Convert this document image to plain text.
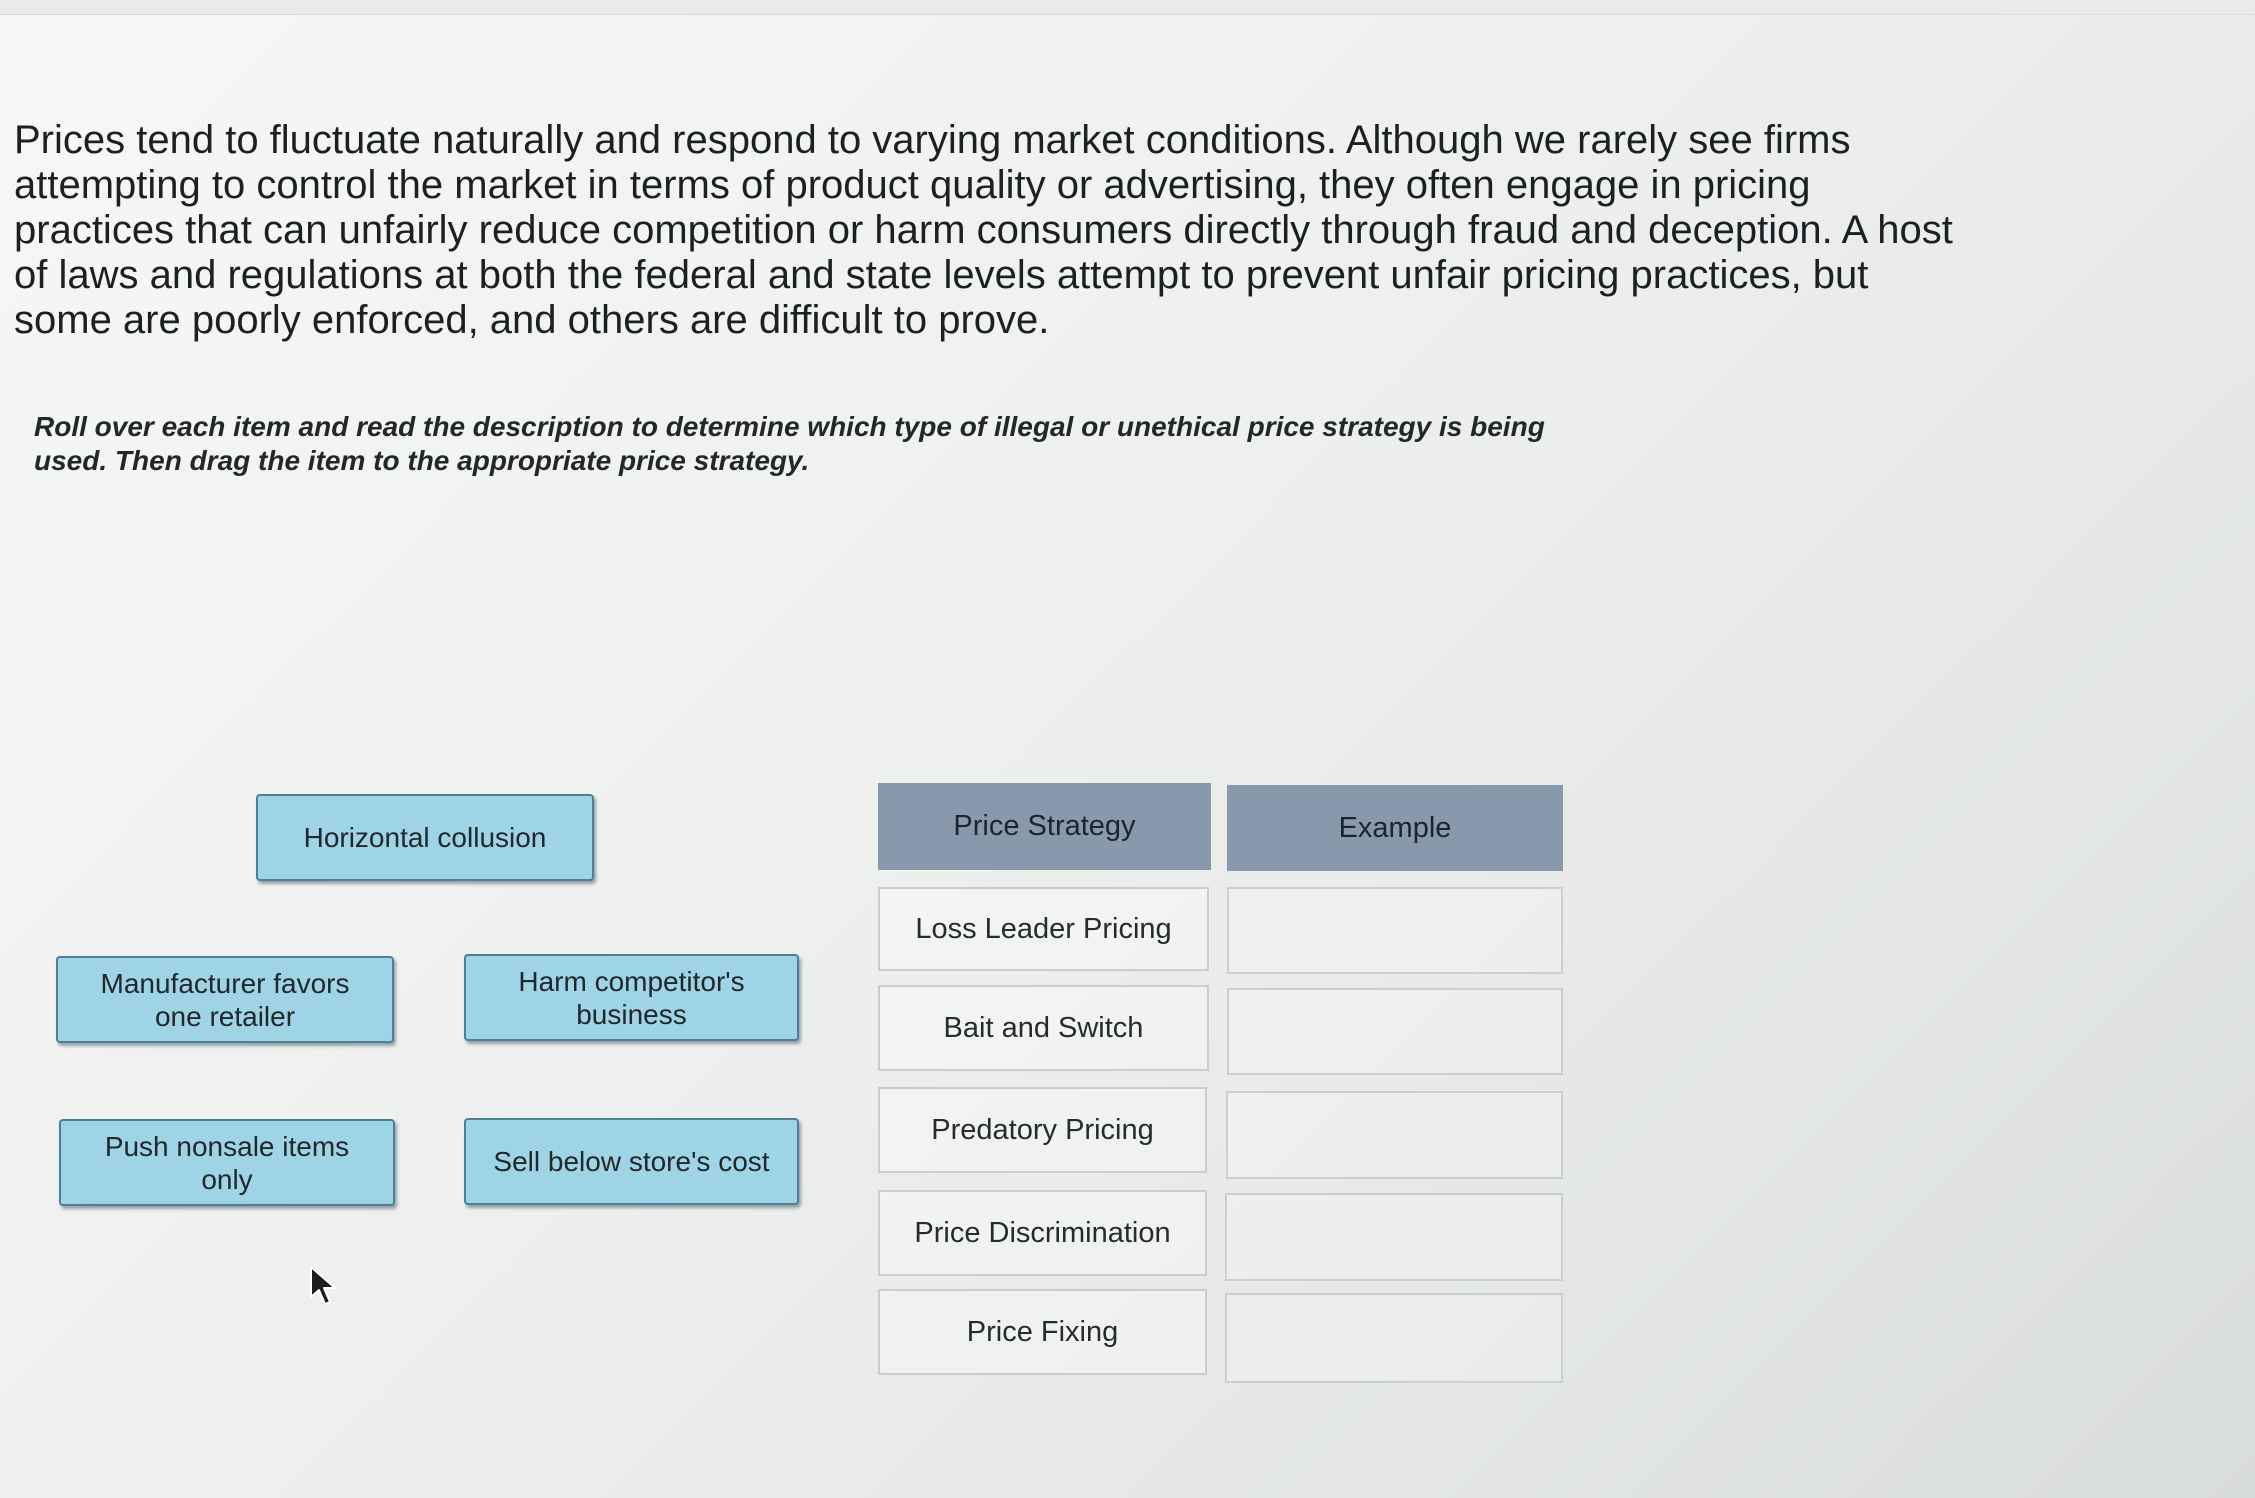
Prices tend to fluctuate naturally and respond to varying market conditions. Although we rarely see firms attempting to control the market in terms of product quality or advertising, they often engage in pricing practices that can unfairly reduce competition or harm consumers directly through fraud and deception. A host of laws and regulations at both the federal and state levels attempt to prevent unfair pricing practices, but some are poorly enforced, and others are difficult to prove.

Roll over each item and read the description to determine which type of illegal or unethical price strategy is being used. Then drag the item to the appropriate price strategy.

Horizontal collusion
Manufacturer favors one retailer
Harm competitor's business
Push nonsale items only
Sell below store's cost
Price Strategy	Example
Loss Leader Pricing
Bait and Switch
Predatory Pricing
Price Discrimination
Price Fixing
